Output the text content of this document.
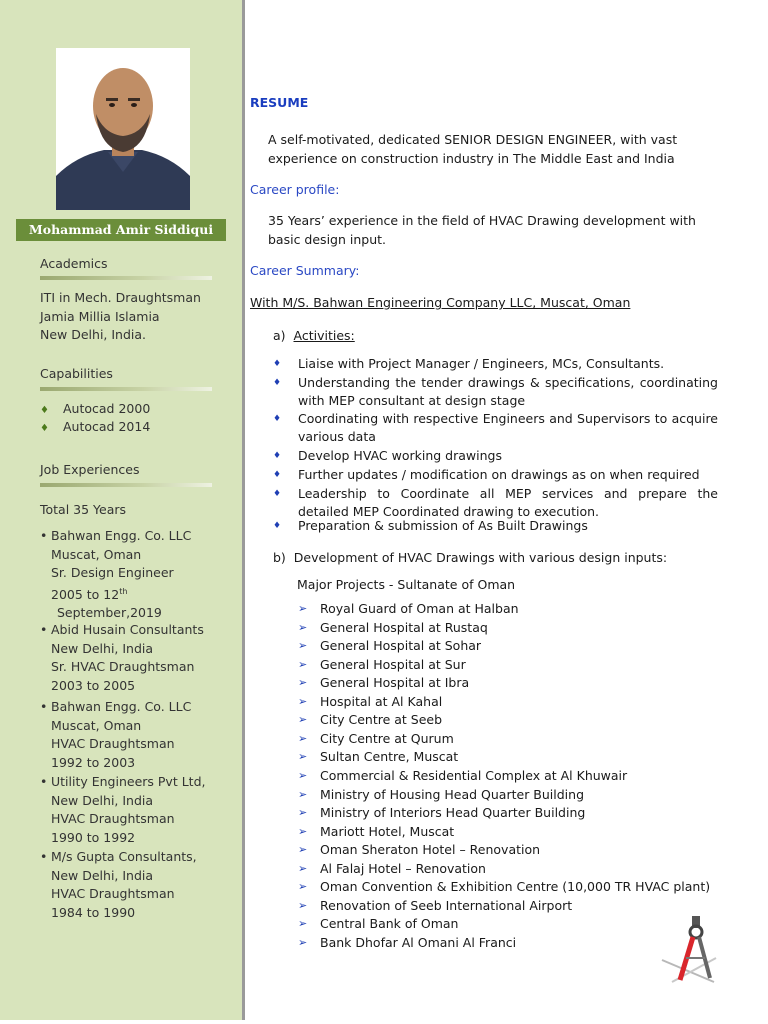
Mohammad Amir Siddiqui
Academics
ITI in Mech. Draughtsman
Jamia Millia Islamia
New Delhi, India.
Capabilities
♦ Autocad 2000
♦ Autocad 2014
Job Experiences
Total 35 Years
• Bahwan Engg. Co. LLC
Muscat, Oman
Sr. Design Engineer
2005 to 12th
September,2019
• Abid Husain Consultants
New Delhi, India
Sr. HVAC Draughtsman
2003 to 2005
• Bahwan Engg. Co. LLC
Muscat, Oman
HVAC Draughtsman
1992 to 2003
• Utility Engineers Pvt Ltd,
New Delhi, India
HVAC Draughtsman
1990 to 1992
• M/s Gupta Consultants,
New Delhi, India
HVAC Draughtsman
1984 to 1990
RESUME
A self-motivated, dedicated SENIOR DESIGN ENGINEER, with vast
experience on construction industry in The Middle East and India
Career profile:
35 Years’ experience in the field of HVAC Drawing development with
basic design input.
Career Summary:
With M/S. Bahwan Engineering Company LLC, Muscat, Oman
a) Activities:
♦	Liaise with Project Manager / Engineers, MCs, Consultants.
♦	Understanding the tender drawings & specifications, coordinating with MEP consultant at design stage
♦	Coordinating with respective Engineers and Supervisors to acquire various data
♦	Develop HVAC working drawings
♦	Further updates / modification on drawings as on when required
♦	Leadership to Coordinate all MEP services and prepare the detailed MEP Coordinated drawing to execution.
♦	Preparation & submission of As Built Drawings
b) Development of HVAC Drawings with various design inputs:
Major Projects - Sultanate of Oman
➢ Royal Guard of Oman at Halban
➢ General Hospital at Rustaq
➢ General Hospital at Sohar
➢ General Hospital at Sur
➢ General Hospital at Ibra
➢ Hospital at Al Kahal
➢ City Centre at Seeb
➢ City Centre at Qurum
➢ Sultan Centre, Muscat
➢ Commercial & Residential Complex at Al Khuwair
➢ Ministry of Housing Head Quarter Building
➢ Ministry of Interiors Head Quarter Building
➢ Mariott Hotel, Muscat
➢ Oman Sheraton Hotel – Renovation
➢ Al Falaj Hotel – Renovation
➢ Oman Convention & Exhibition Centre (10,000 TR HVAC plant)
➢ Renovation of Seeb International Airport
➢ Central Bank of Oman
➢ Bank Dhofar Al Omani Al Franci
